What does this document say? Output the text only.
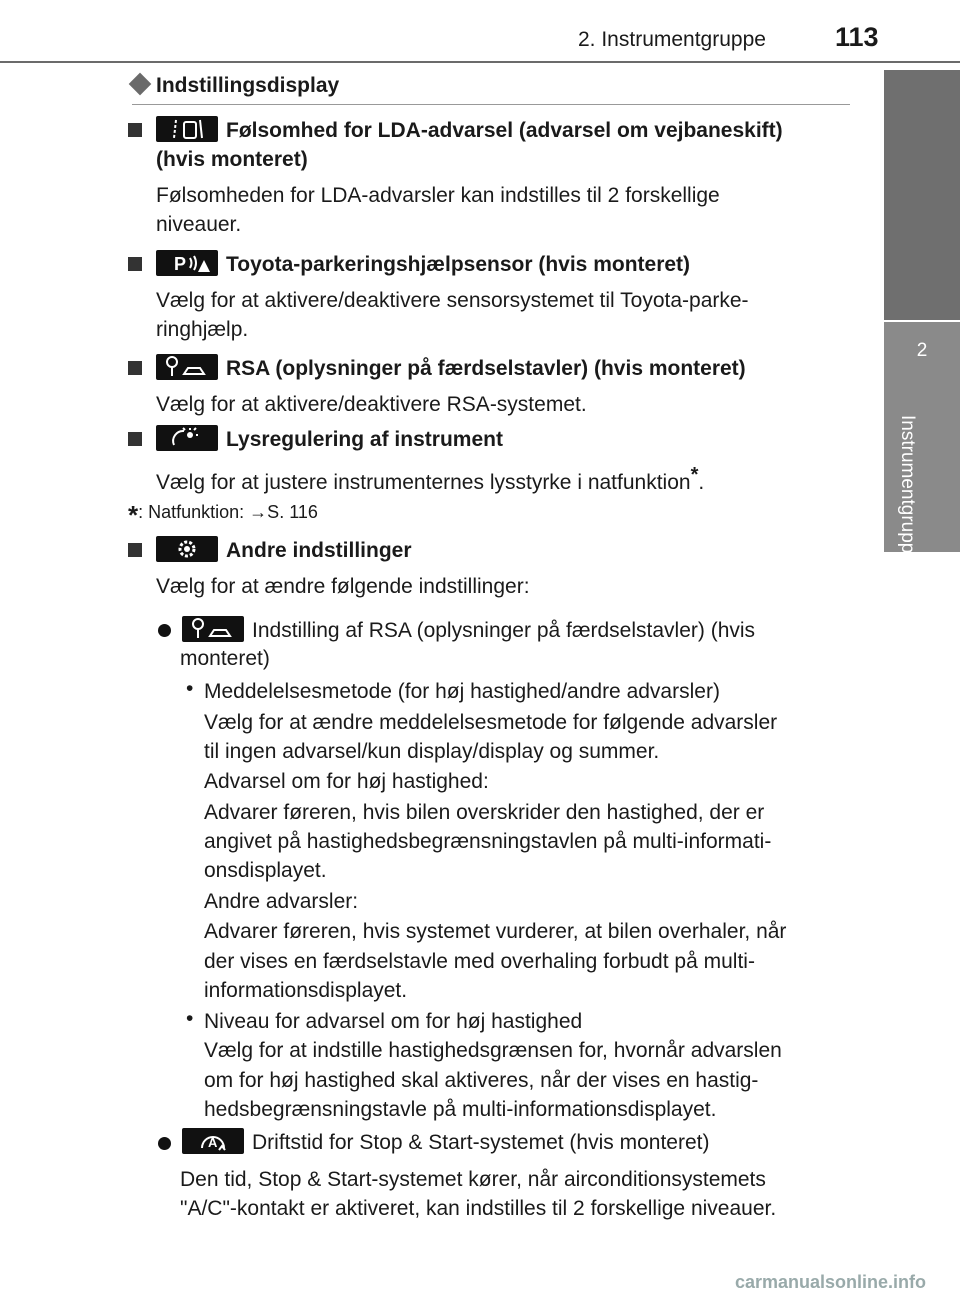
2. Instrumentgruppe	113
2
Instrumentgruppe
Indstillingsdisplay
Følsomhed for LDA-advarsel (advarsel om vejbaneskift)
(hvis monteret)
Følsomheden for LDA-advarsler kan indstilles til 2 forskellige
niveauer.
P Toyota-parkeringshjælpsensor (hvis monteret)
Vælg for at aktivere/deaktivere sensorsystemet til Toyota-parke-
ringhjælp.
RSA (oplysninger på færdselstavler) (hvis monteret)
Vælg for at aktivere/deaktivere RSA-systemet.
Lysregulering af instrument
Vælg for at justere instrumenternes lysstyrke i natfunktion*.
*: Natfunktion: →S. 116
Andre indstillinger
Vælg for at ændre følgende indstillinger:
Indstilling af RSA (oplysninger på færdselstavler) (hvis
monteret)
• Meddelelsesmetode (for høj hastighed/andre advarsler)
Vælg for at ændre meddelelsesmetode for følgende advarsler
til ingen advarsel/kun display/display og summer.
Advarsel om for høj hastighed:
Advarer føreren, hvis bilen overskrider den hastighed, der er
angivet på hastighedsbegrænsningstavlen på multi-informati-
onsdisplayet.
Andre advarsler:
Advarer føreren, hvis systemet vurderer, at bilen overhaler, når
der vises en færdselstavle med overhaling forbudt på multi-
informationsdisplayet.
• Niveau for advarsel om for høj hastighed
Vælg for at indstille hastighedsgrænsen for, hvornår advarslen
om for høj hastighed skal aktiveres, når der vises en hastig-
hedsbegrænsningstavle på multi-informationsdisplayet.
A Driftstid for Stop & Start-systemet (hvis monteret)
Den tid, Stop & Start-systemet kører, når airconditionsystemets
"A/C"-kontakt er aktiveret, kan indstilles til 2 forskellige niveauer.
carmanualsonline.info
